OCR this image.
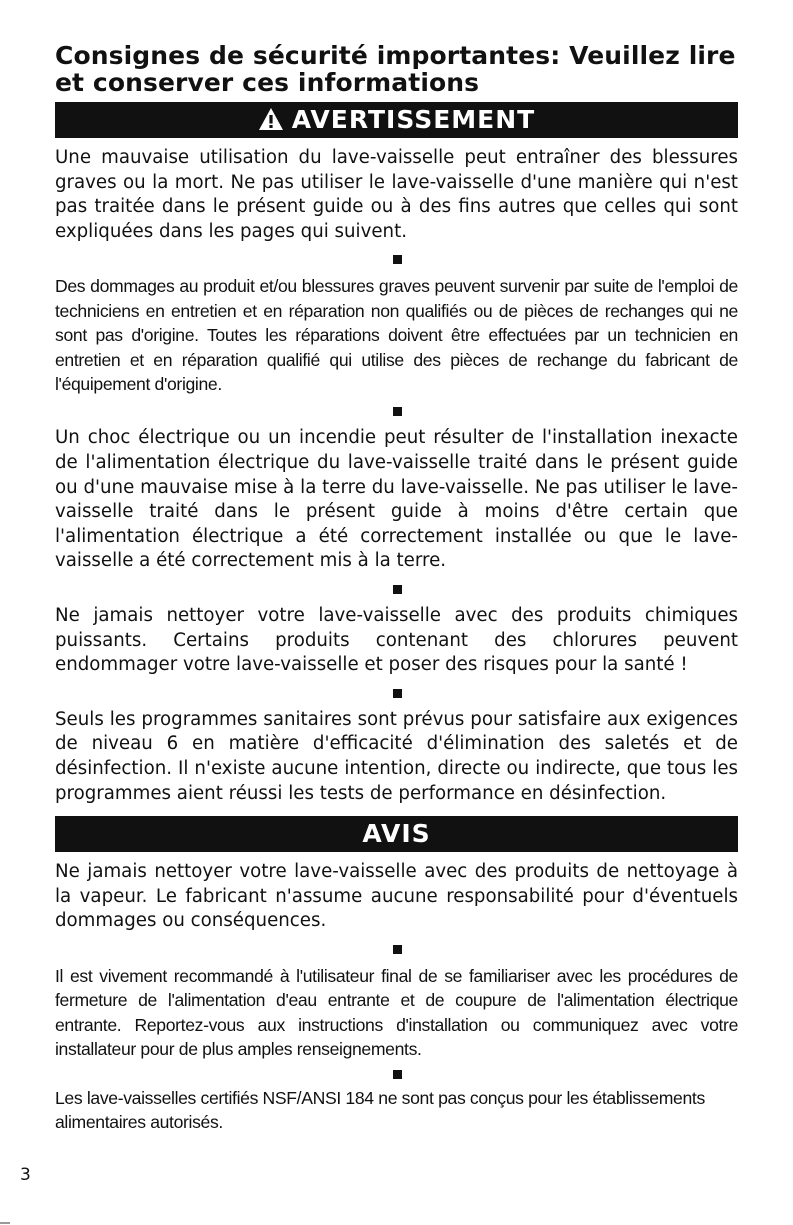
Consignes de sécurité importantes: Veuillez lire et conserver ces informations
AVERTISSEMENT

Une mauvaise utilisation du lave-vaisselle peut entraîner des blessures graves ou la mort. Ne pas utiliser le lave-vaisselle d'une manière qui n'est pas traitée dans le présent guide ou à des fins autres que celles qui sont expliquées dans les pages qui suivent.

Des dommages au produit et/ou blessures graves peuvent survenir par suite de l'emploi de techniciens en entretien et en réparation non qualifiés ou de pièces de rechanges qui ne sont pas d'origine. Toutes les réparations doivent être effectuées par un technicien en entretien et en réparation qualifié qui utilise des pièces de rechange du fabricant de l'équipement d'origine.

Un choc électrique ou un incendie peut résulter de l'installation inexacte de l'alimentation électrique du lave-vaisselle traité dans le présent guide ou d'une mauvaise mise à la terre du lave-vaisselle. Ne pas utiliser le lave-vaisselle traité dans le présent guide à moins d'être certain que l'alimentation électrique a été correctement installée ou que le lave-vaisselle a été correctement mis à la terre.

Ne jamais nettoyer votre lave-vaisselle avec des produits chimiques puissants. Certains produits contenant des chlorures peuvent endommager votre lave-vaisselle et poser des risques pour la santé !

Seuls les programmes sanitaires sont prévus pour satisfaire aux exigences de niveau 6 en matière d'efficacité d'élimination des saletés et de désinfection. Il n'existe aucune intention, directe ou indirecte, que tous les programmes aient réussi les tests de performance en désinfection.

AVIS

Ne jamais nettoyer votre lave-vaisselle avec des produits de nettoyage à la vapeur. Le fabricant n'assume aucune responsabilité pour d'éventuels dommages ou conséquences.

Il est vivement recommandé à l'utilisateur final de se familiariser avec les procédures de fermeture de l'alimentation d'eau entrante et de coupure de l'alimentation électrique entrante. Reportez-vous aux instructions d'installation ou communiquez avec votre installateur pour de plus amples renseignements.

Les lave-vaisselles certifiés NSF/ANSI 184 ne sont pas conçus pour les établissements alimentaires autorisés.

3
